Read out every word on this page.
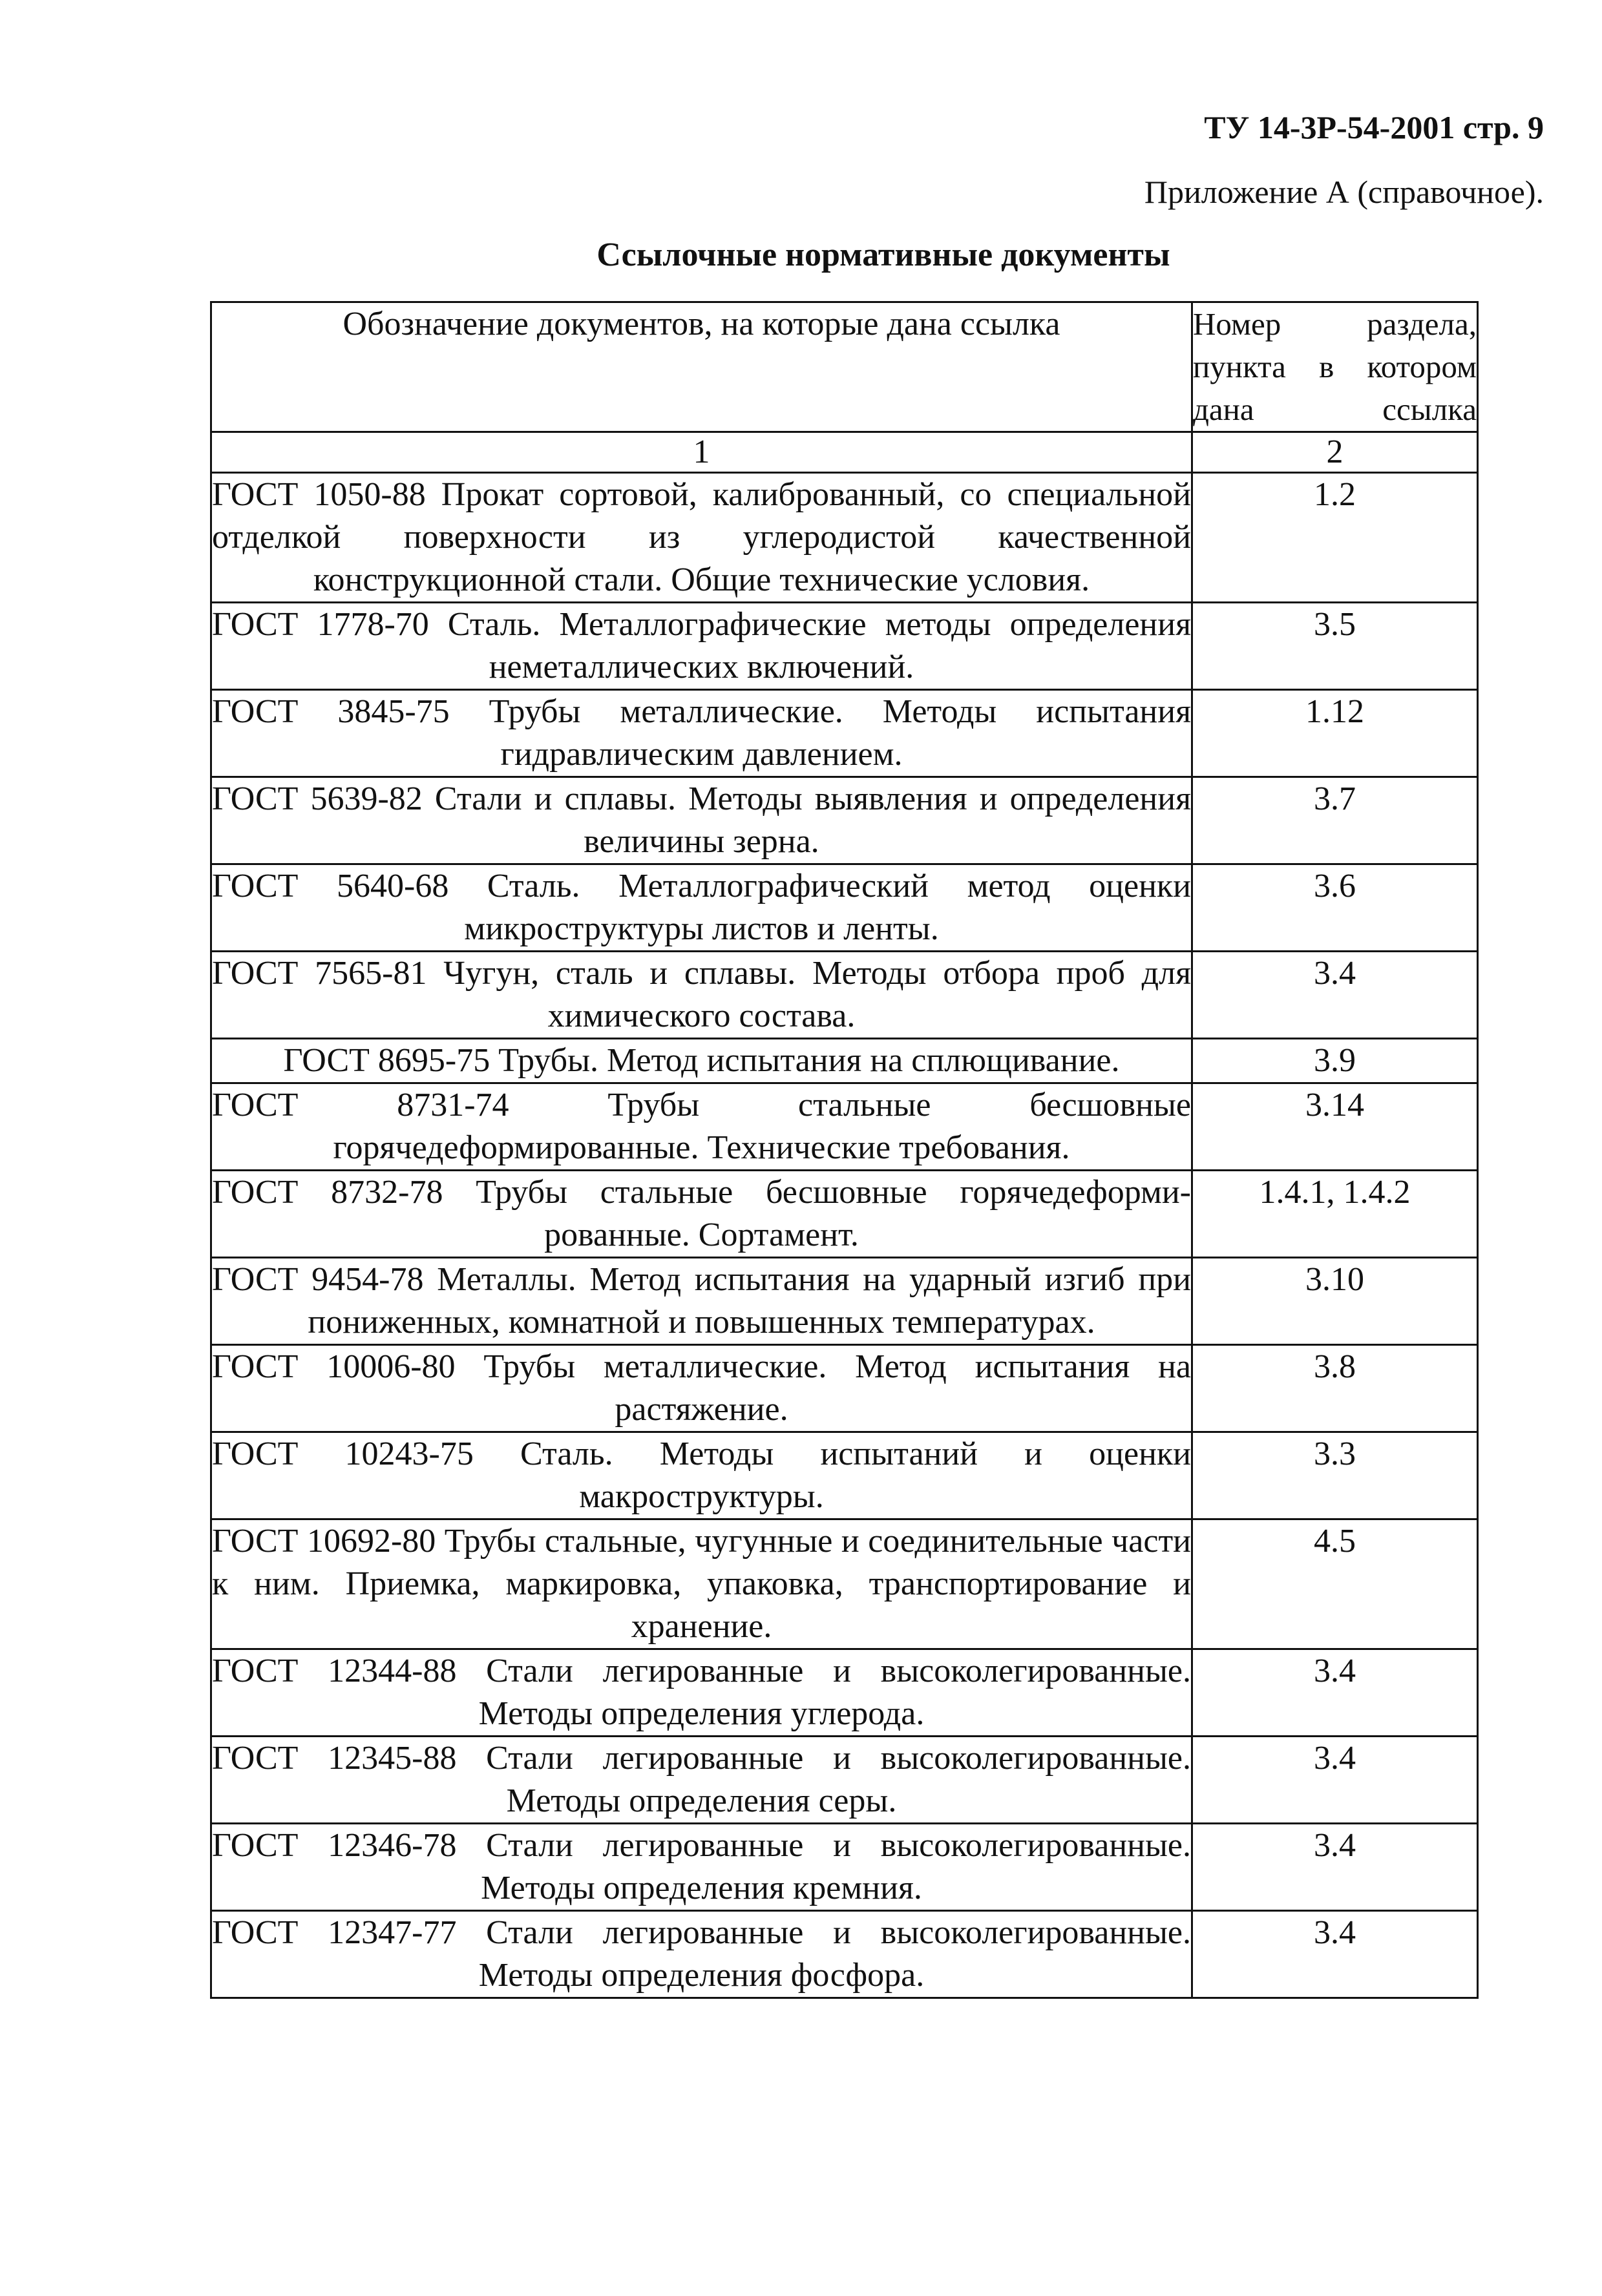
ТУ 14-3Р-54-2001 стр. 9
Приложение А (справочное).
Ссылочные нормативные документы
Обозначение документов, на которые дана ссылка	Номер раздела, пункта в котором дана ссылка
1	2
ГОСТ 1050-88 Прокат сортовой, калиброванный, со специальной отделкой поверхности из углеродистой качественной конструкционной стали. Общие технические условия.	1.2
ГОСТ 1778-70 Сталь. Металлографические методы определения неметаллических включений.	3.5
ГОСТ 3845-75 Трубы металлические. Методы испытания гидравлическим давлением.	1.12
ГОСТ 5639-82 Стали и сплавы. Методы выявления и определения величины зерна.	3.7
ГОСТ 5640-68 Сталь. Металлографический метод оценки микроструктуры листов и ленты.	3.6
ГОСТ 7565-81 Чугун, сталь и сплавы. Методы отбора проб для химического состава.	3.4
ГОСТ 8695-75 Трубы. Метод испытания на сплющивание.	3.9
ГОСТ 8731-74 Трубы стальные бесшовные горячедеформированные. Технические требования.	3.14
ГОСТ 8732-78 Трубы стальные бесшовные горячедеформи-рованные. Сортамент.	1.4.1, 1.4.2
ГОСТ 9454-78 Металлы. Метод испытания на ударный изгиб при пониженных, комнатной и повышенных температурах.	3.10
ГОСТ 10006-80 Трубы металлические. Метод испытания на растяжение.	3.8
ГОСТ 10243-75 Сталь. Методы испытаний и оценки макроструктуры.	3.3
ГОСТ 10692-80 Трубы стальные, чугунные и соединительные части к ним. Приемка, маркировка, упаковка, транспортирование и хранение.	4.5
ГОСТ 12344-88 Стали легированные и высоколегированные. Методы определения углерода.	3.4
ГОСТ 12345-88 Стали легированные и высоколегированные. Методы определения серы.	3.4
ГОСТ 12346-78 Стали легированные и высоколегированные. Методы определения кремния.	3.4
ГОСТ 12347-77 Стали легированные и высоколегированные. Методы определения фосфора.	3.4
